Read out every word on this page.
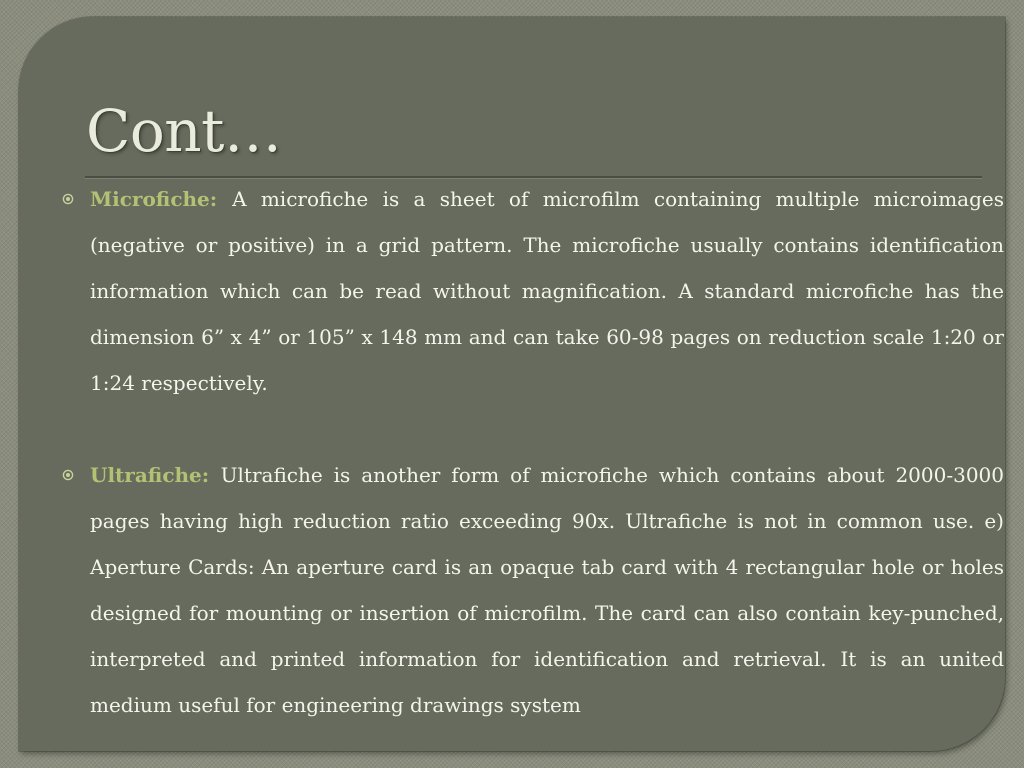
Cont…

Microfiche: A microfiche is a sheet of microfilm containing multiple microimages (negative or positive) in a grid pattern. The microfiche usually contains identification information which can be read without magnification. A standard microfiche has the dimension 6” x 4” or 105” x 148 mm and can take 60-98 pages on reduction scale 1:20 or 1:24 respectively.

Ultrafiche: Ultrafiche is another form of microfiche which contains about 2000-3000 pages having high reduction ratio exceeding 90x. Ultrafiche is not in common use. e) Aperture Cards: An aperture card is an opaque tab card with 4 rectangular hole or holes designed for mounting or insertion of microfilm. The card can also contain key-punched, interpreted and printed information for identification and retrieval. It is an united medium useful for engineering drawings system
